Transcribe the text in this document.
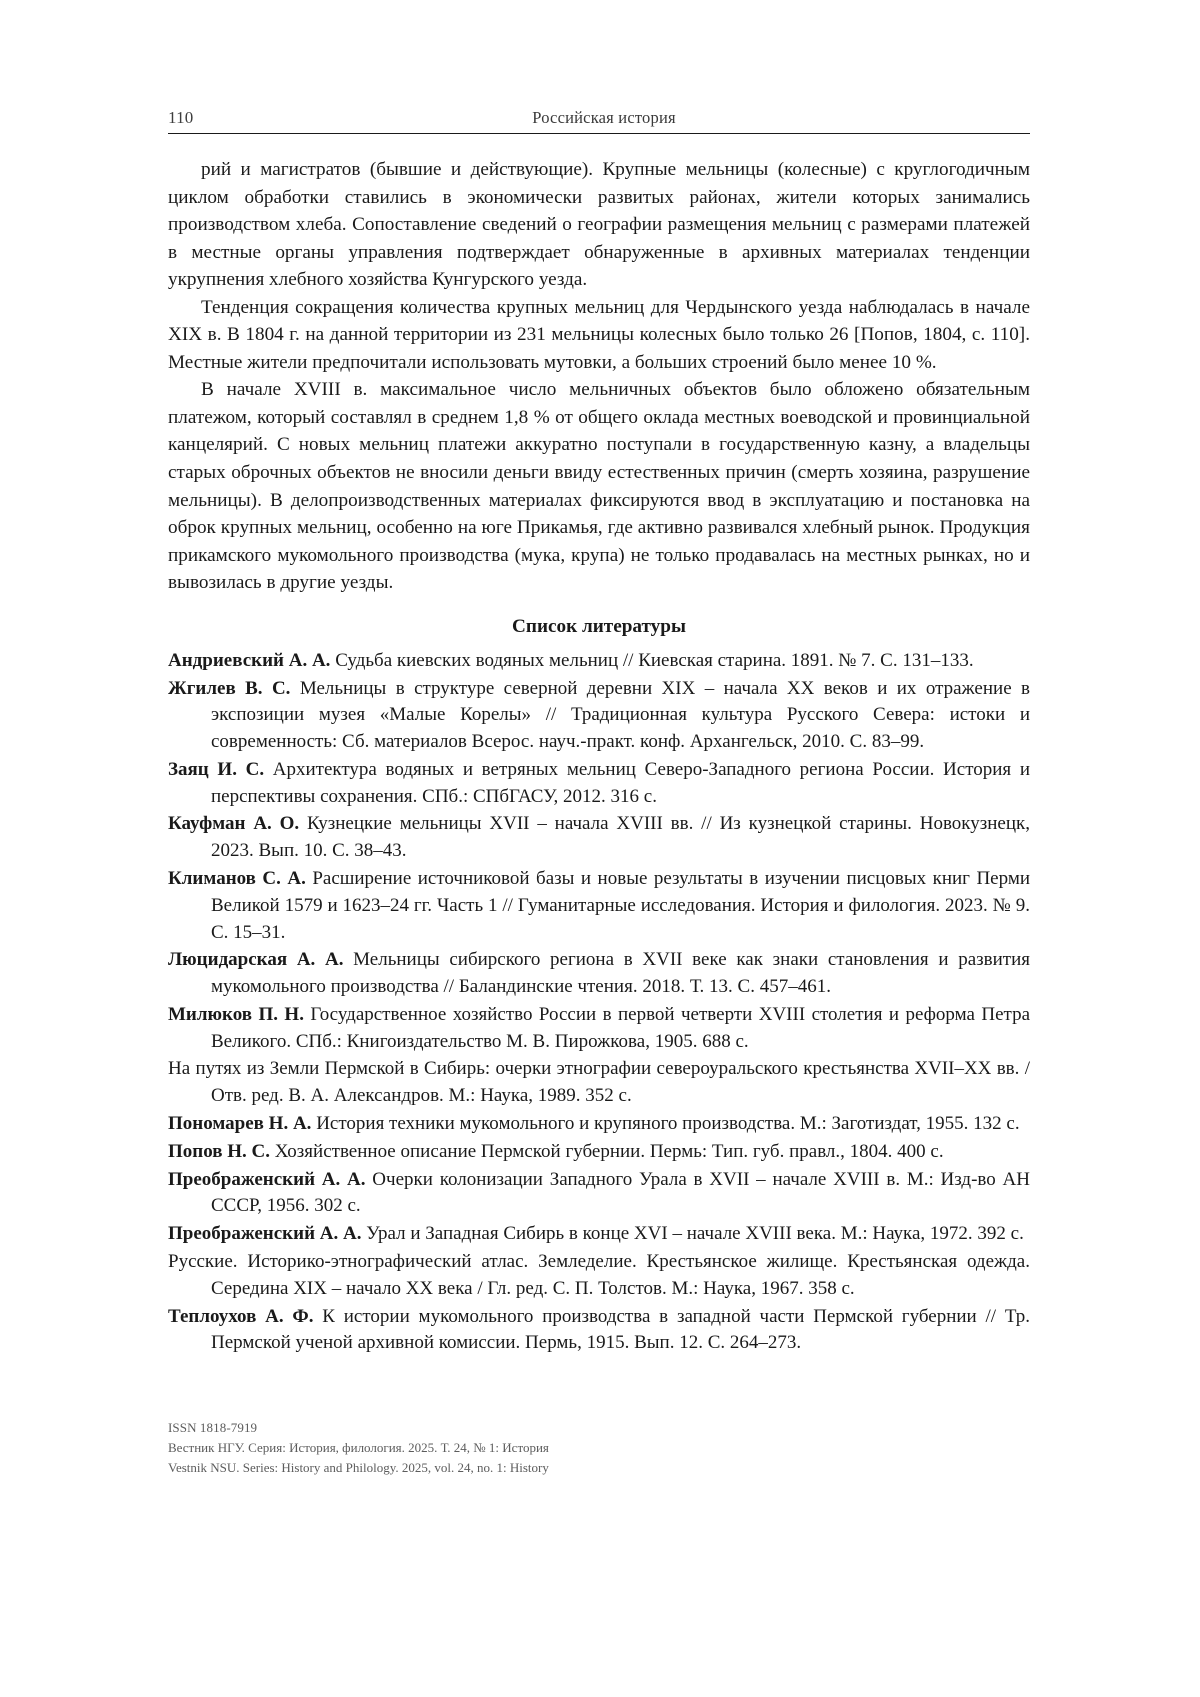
110	Российская история

рий и магистратов (бывшие и действующие). Крупные мельницы (колесные) с круглогодичным циклом обработки ставились в экономически развитых районах, жители которых занимались производством хлеба. Сопоставление сведений о географии размещения мельниц с размерами платежей в местные органы управления подтверждает обнаруженные в архивных материалах тенденции укрупнения хлебного хозяйства Кунгурского уезда.

Тенденция сокращения количества крупных мельниц для Чердынского уезда наблюдалась в начале XIX в. В 1804 г. на данной территории из 231 мельницы колесных было только 26 [Попов, 1804, с. 110]. Местные жители предпочитали использовать мутовки, а больших строений было менее 10 %.

В начале XVIII в. максимальное число мельничных объектов было обложено обязательным платежом, который составлял в среднем 1,8 % от общего оклада местных воеводской и провинциальной канцелярий. С новых мельниц платежи аккуратно поступали в государственную казну, а владельцы старых оброчных объектов не вносили деньги ввиду естественных причин (смерть хозяина, разрушение мельницы). В делопроизводственных материалах фиксируются ввод в эксплуатацию и постановка на оброк крупных мельниц, особенно на юге Прикамья, где активно развивался хлебный рынок. Продукция прикамского мукомольного производства (мука, крупа) не только продавалась на местных рынках, но и вывозилась в другие уезды.

Список литературы

Андриевский А. А. Судьба киевских водяных мельниц // Киевская старина. 1891. № 7. С. 131–133.

Жгилев В. С. Мельницы в структуре северной деревни XIX – начала XX веков и их отражение в экспозиции музея «Малые Корелы» // Традиционная культура Русского Севера: истоки и современность: Сб. материалов Всерос. науч.-практ. конф. Архангельск, 2010. С. 83–99.

Заяц И. С. Архитектура водяных и ветряных мельниц Северо-Западного региона России. История и перспективы сохранения. СПб.: СПбГАСУ, 2012. 316 с.

Кауфман А. О. Кузнецкие мельницы XVII – начала XVIII вв. // Из кузнецкой старины. Новокузнецк, 2023. Вып. 10. С. 38–43.

Климанов С. А. Расширение источниковой базы и новые результаты в изучении писцовых книг Перми Великой 1579 и 1623–24 гг. Часть 1 // Гуманитарные исследования. История и филология. 2023. № 9. С. 15–31.

Люцидарская А. А. Мельницы сибирского региона в XVII веке как знаки становления и развития мукомольного производства // Баландинские чтения. 2018. Т. 13. С. 457–461.

Милюков П. Н. Государственное хозяйство России в первой четверти XVIII столетия и реформа Петра Великого. СПб.: Книгоиздательство М. В. Пирожкова, 1905. 688 с.

На путях из Земли Пермской в Сибирь: очерки этнографии североуральского крестьянства XVII–XX вв. / Отв. ред. В. А. Александров. М.: Наука, 1989. 352 с.

Пономарев Н. А. История техники мукомольного и крупяного производства. М.: Заготиздат, 1955. 132 с.

Попов Н. С. Хозяйственное описание Пермской губернии. Пермь: Тип. губ. правл., 1804. 400 с.

Преображенский А. А. Очерки колонизации Западного Урала в XVII – начале XVIII в. М.: Изд-во АН СССР, 1956. 302 с.

Преображенский А. А. Урал и Западная Сибирь в конце XVI – начале XVIII века. М.: Наука, 1972. 392 с.

Русские. Историко-этнографический атлас. Земледелие. Крестьянское жилище. Крестьянская одежда. Середина XIX – начало XX века / Гл. ред. С. П. Толстов. М.: Наука, 1967. 358 с.

Теплоухов А. Ф. К истории мукомольного производства в западной части Пермской губернии // Тр. Пермской ученой архивной комиссии. Пермь, 1915. Вып. 12. С. 264–273.

ISSN 1818-7919
Вестник НГУ. Серия: История, филология. 2025. Т. 24, № 1: История
Vestnik NSU. Series: History and Philology. 2025, vol. 24, no. 1: History
